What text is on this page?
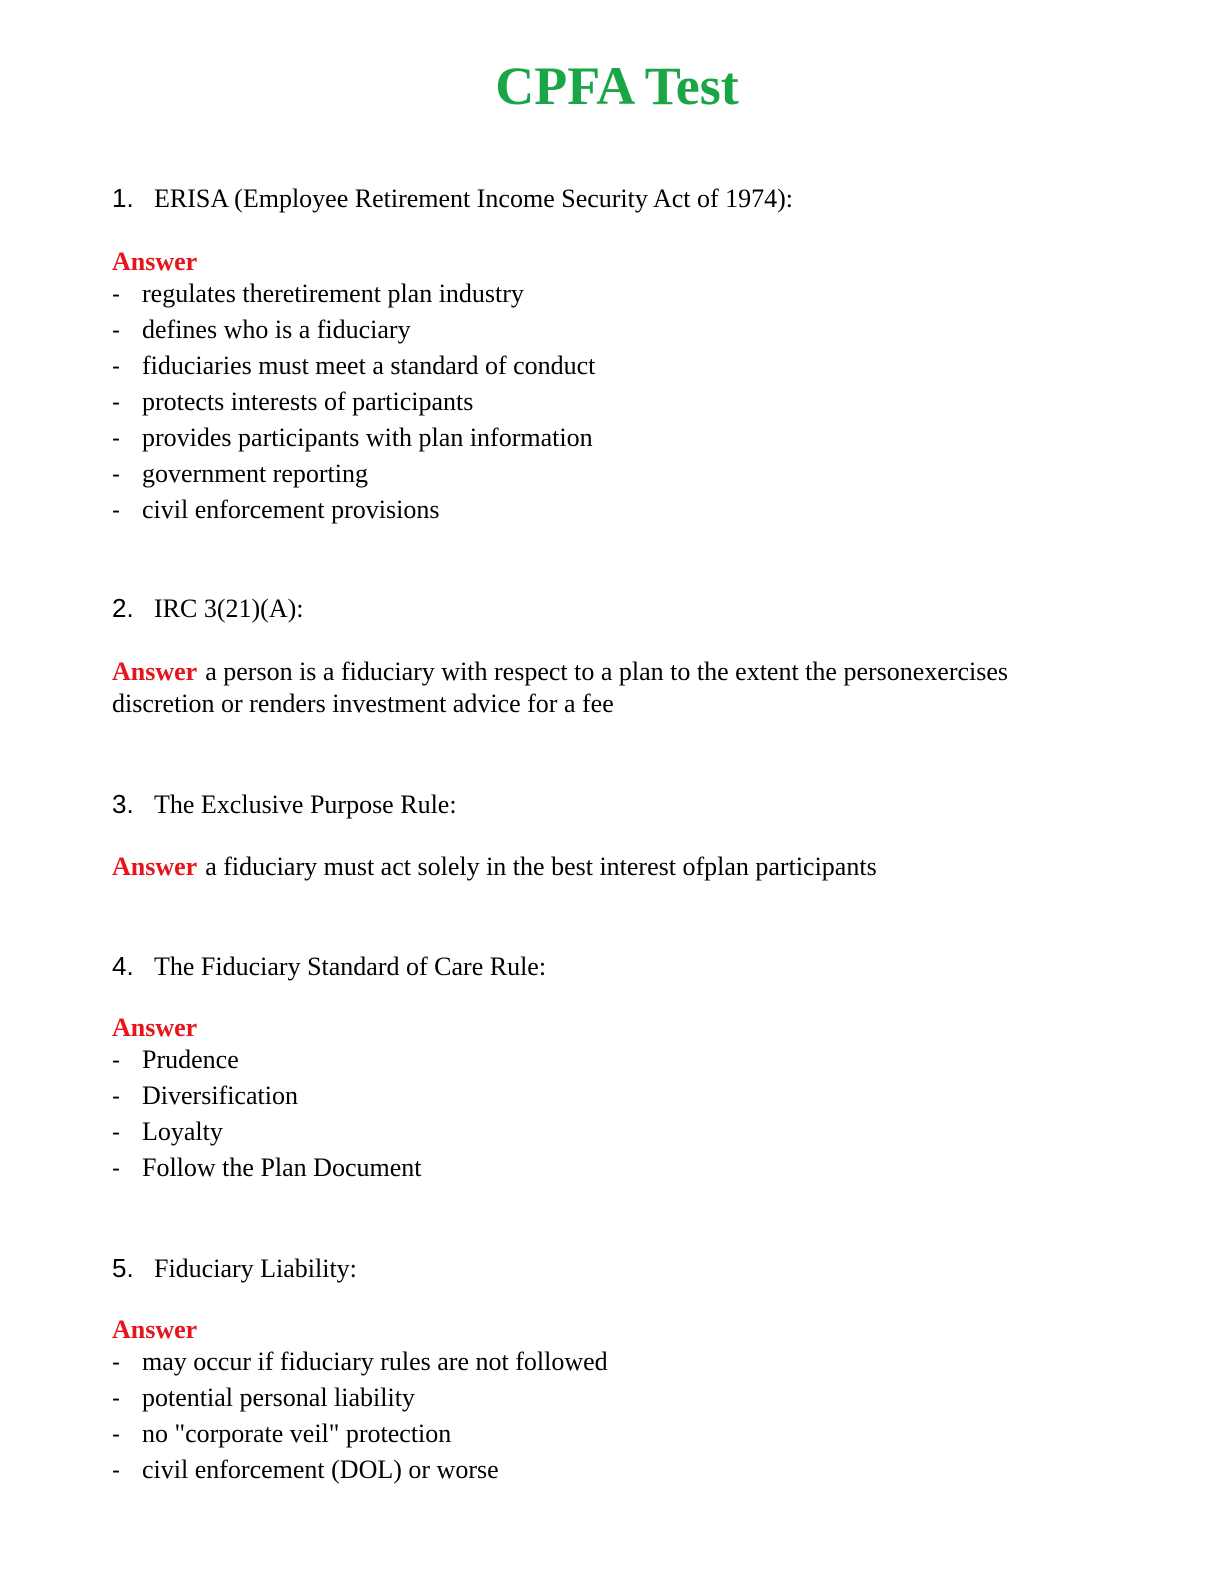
CPFA Test
1. ERISA (Employee Retirement Income Security Act of 1974):
Answer
- regulates theretirement plan industry
- defines who is a fiduciary
- fiduciaries must meet a standard of conduct
- protects interests of participants
- provides participants with plan information
- government reporting
- civil enforcement provisions
2. IRC 3(21)(A):
Answer a person is a fiduciary with respect to a plan to the extent the personexercises discretion or renders investment advice for a fee
3. The Exclusive Purpose Rule:
Answer a fiduciary must act solely in the best interest ofplan participants
4. The Fiduciary Standard of Care Rule:
Answer
- Prudence
- Diversification
- Loyalty
- Follow the Plan Document
5. Fiduciary Liability:
Answer
- may occur if fiduciary rules are not followed
- potential personal liability
- no "corporate veil" protection
- civil enforcement (DOL) or worse
